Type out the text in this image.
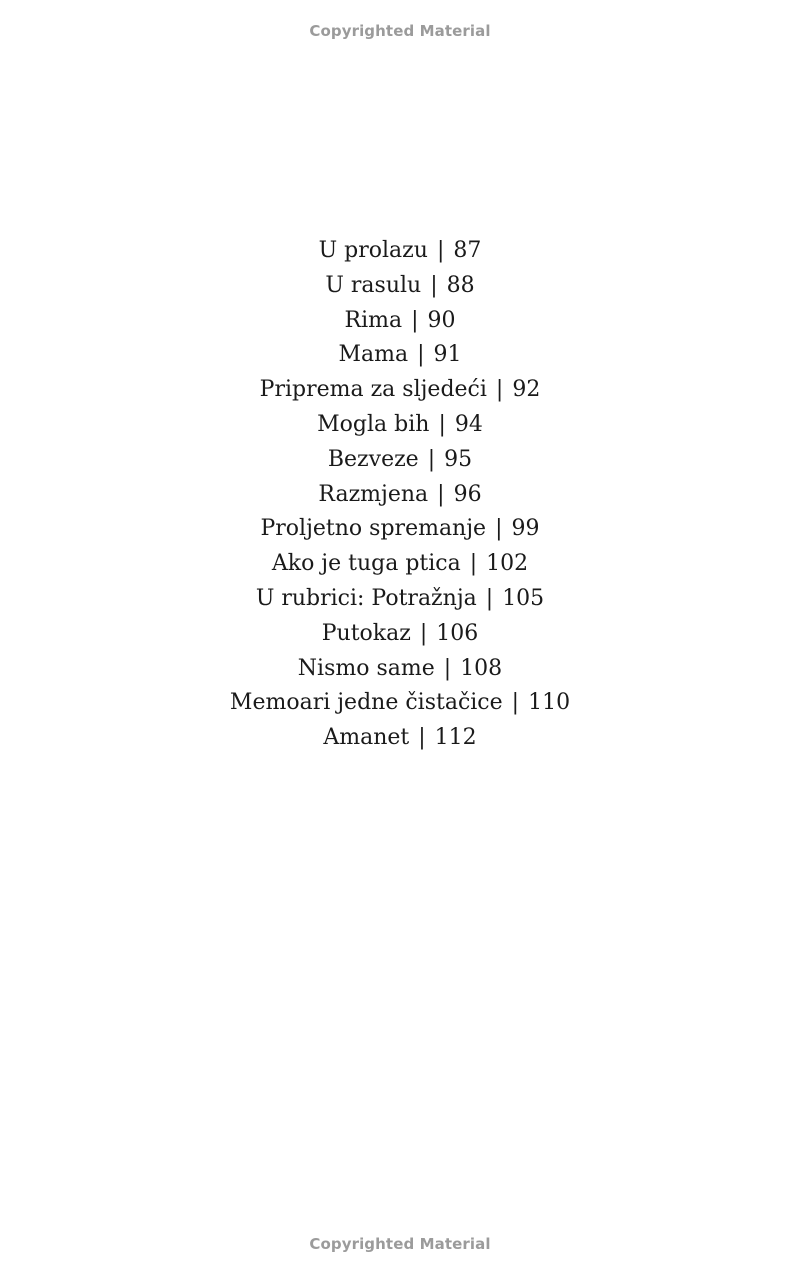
Copyrighted Material
U prolazu | 87
U rasulu | 88
Rima | 90
Mama | 91
Priprema za sljedeći | 92
Mogla bih | 94
Bezveze | 95
Razmjena | 96
Proljetno spremanje | 99
Ako je tuga ptica | 102
U rubrici: Potražnja | 105
Putokaz | 106
Nismo same | 108
Memoari jedne čistačice | 110
Amanet | 112
Copyrighted Material
